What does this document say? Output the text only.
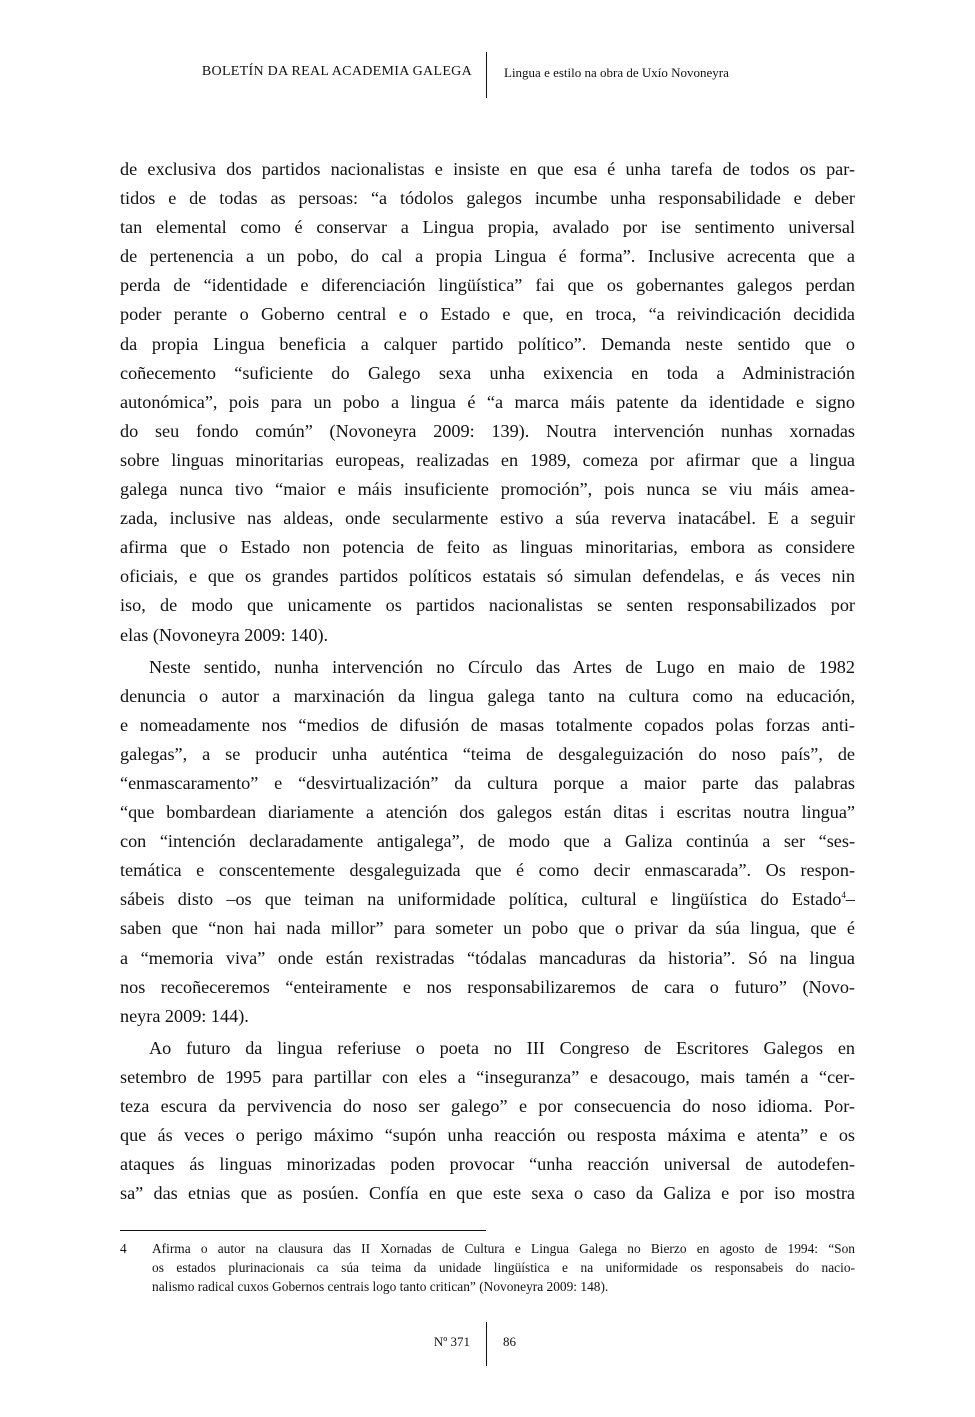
BOLETÍN DA REAL ACADEMIA GALEGA Lingua e estilo na obra de Uxío Novoneyra

de exclusiva dos partidos nacionalistas e insiste en que esa é unha tarefa de todos os par-
tidos e de todas as persoas: “a tódolos galegos incumbe unha responsabilidade e deber
tan elemental como é conservar a Lingua propia, avalado por ise sentimento universal
de pertenencia a un pobo, do cal a propia Lingua é forma”. Inclusive acrecenta que a
perda de “identidade e diferenciación lingüística” fai que os gobernantes galegos perdan
poder perante o Goberno central e o Estado e que, en troca, “a reivindicación decidida
da propia Lingua beneficia a calquer partido político”. Demanda neste sentido que o
coñecemento “suficiente do Galego sexa unha exixencia en toda a Administración
autonómica”, pois para un pobo a lingua é “a marca máis patente da identidade e signo
do seu fondo común” (Novoneyra 2009: 139). Noutra intervención nunhas xornadas
sobre linguas minoritarias europeas, realizadas en 1989, comeza por afirmar que a lingua
galega nunca tivo “maior e máis insuficiente promoción”, pois nunca se viu máis amea-
zada, inclusive nas aldeas, onde secularmente estivo a súa reverva inatacábel. E a seguir
afirma que o Estado non potencia de feito as linguas minoritarias, embora as considere
oficiais, e que os grandes partidos políticos estatais só simulan defendelas, e ás veces nin
iso, de modo que unicamente os partidos nacionalistas se senten responsabilizados por
elas (Novoneyra 2009: 140).

Neste sentido, nunha intervención no Círculo das Artes de Lugo en maio de 1982
denuncia o autor a marxinación da lingua galega tanto na cultura como na educación,
e nomeadamente nos “medios de difusión de masas totalmente copados polas forzas anti-
galegas”, a se producir unha auténtica “teima de desgaleguización do noso país”, de
“enmascaramento” e “desvirtualización” da cultura porque a maior parte das palabras
“que bombardean diariamente a atención dos galegos están ditas i escritas noutra lingua”
con “intención declaradamente antigalega”, de modo que a Galiza continúa a ser “ses-
temática e conscentemente desgaleguizada que é como decir enmascarada”. Os respon-
sábeis disto –os que teiman na uniformidade política, cultural e lingüística do Estado$^4$–
saben que “non hai nada millor” para someter un pobo que o privar da súa lingua, que é
a “memoria viva” onde están rexistradas “tódalas mancaduras da historia”. Só na lingua
nos recoñeceremos “enteiramente e nos responsabilizaremos de cara o futuro” (Novo-
neyra 2009: 144).

Ao futuro da lingua referiuse o poeta no III Congreso de Escritores Galegos en
setembro de 1995 para partillar con eles a “inseguranza” e desacougo, mais tamén a “cer-
teza escura da pervivencia do noso ser galego” e por consecuencia do noso idioma. Por-
que ás veces o perigo máximo “supón unha reacción ou resposta máxima e atenta” e os
ataques ás linguas minorizadas poden provocar “unha reacción universal de autodefen-
sa” das etnias que as posúen. Confía en que este sexa o caso da Galiza e por iso mostra

4	Afirma o autor na clausura das II Xornadas de Cultura e Lingua Galega no Bierzo en agosto de 1994: “Son
os estados plurinacionais ca súa teima da unidade lingüística e na uniformidade os responsabeis do nacio-
nalismo radical cuxos Gobernos centrais logo tanto critican” (Novoneyra 2009: 148).
Nº 371	86
